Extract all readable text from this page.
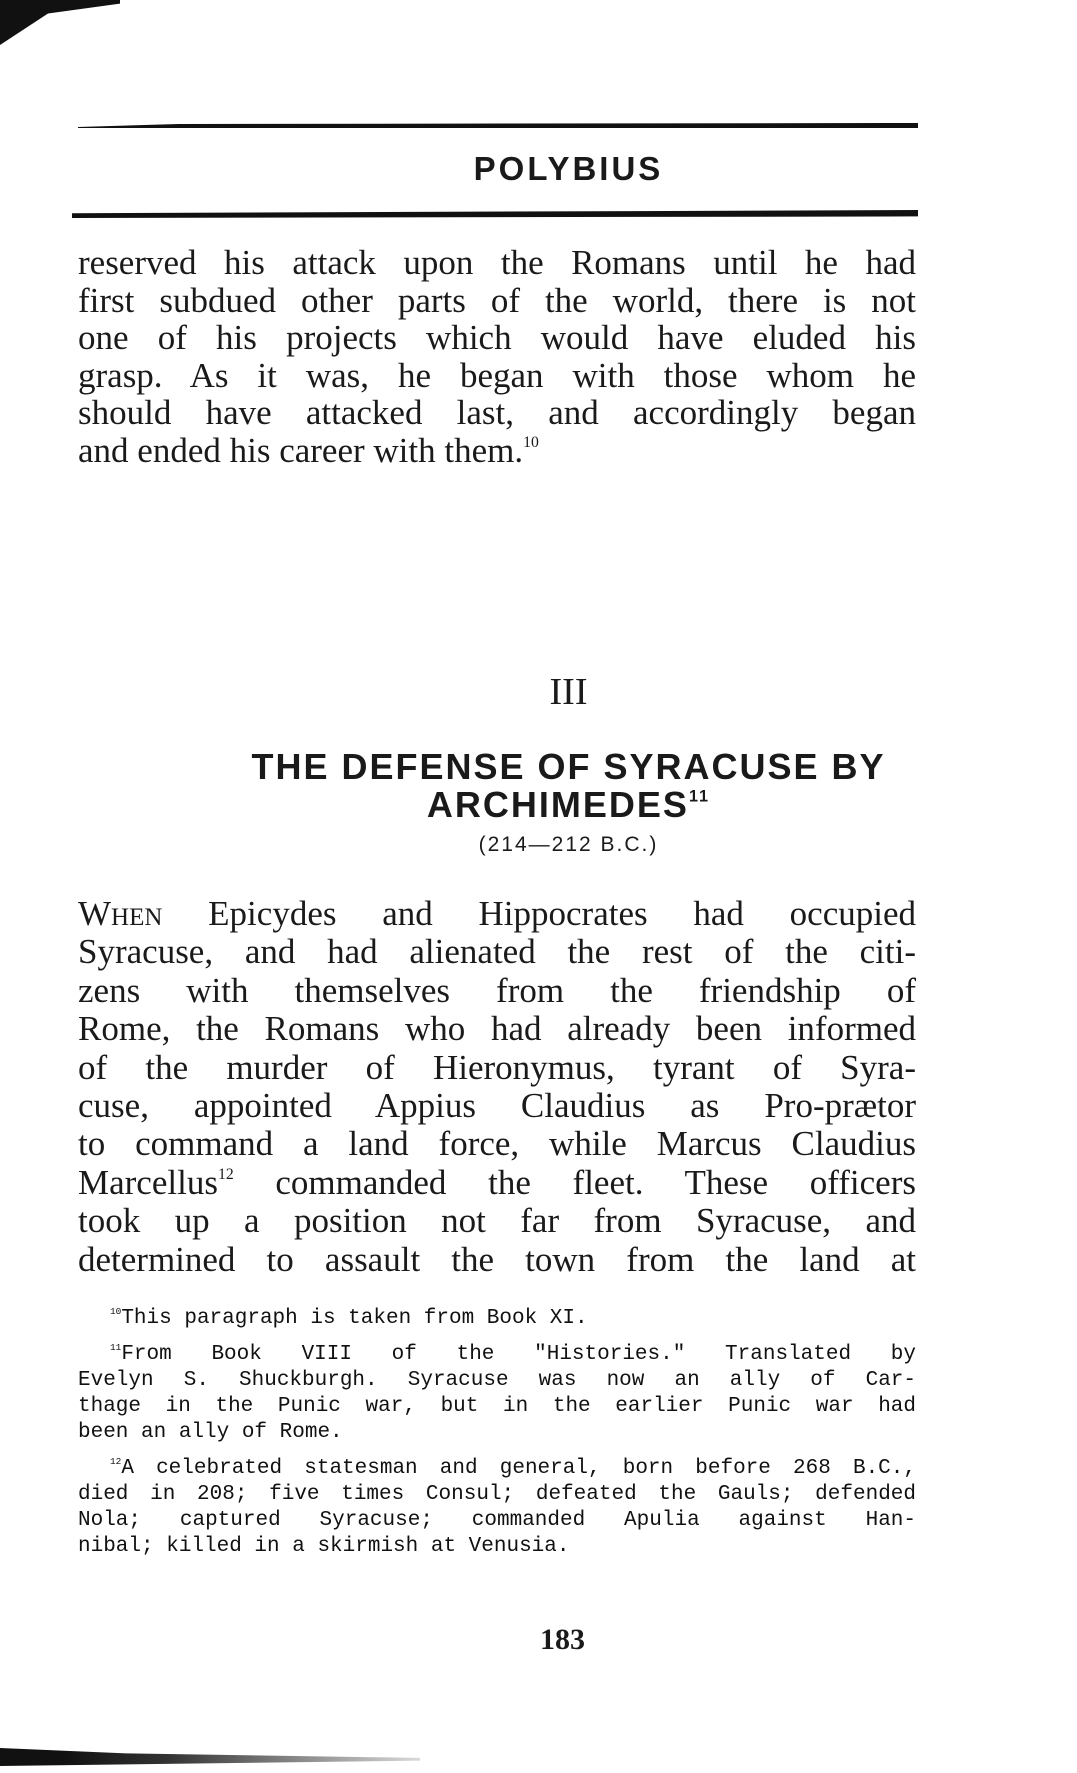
POLYBIUS
reserved his attack upon the Romans until he had
first subdued other parts of the world, there is not
one of his projects which would have eluded his
grasp. As it was, he began with those whom he
should have attacked last, and accordingly began
and ended his career with them.$^{10}$
III
THE DEFENSE OF SYRACUSE BY
ARCHIMEDES$^{11}$
(214—212 B.C.)
When Epicydes and Hippocrates had occupied
Syracuse, and had alienated the rest of the citi-
zens with themselves from the friendship of
Rome, the Romans who had already been informed
of the murder of Hieronymus, tyrant of Syra-
cuse, appointed Appius Claudius as Pro-prætor
to command a land force, while Marcus Claudius
Marcellus$^{12}$ commanded the fleet. These officers
took up a position not far from Syracuse, and
determined to assault the town from the land at
$^{10}$This paragraph is taken from Book XI.
$^{11}$From Book VIII of the "Histories." Translated by
Evelyn S. Shuckburgh. Syracuse was now an ally of Car-
thage in the Punic war, but in the earlier Punic war had
been an ally of Rome.
$^{12}$A celebrated statesman and general, born before 268 B.C.,
died in 208; five times Consul; defeated the Gauls; defended
Nola; captured Syracuse; commanded Apulia against Han-
nibal; killed in a skirmish at Venusia.
183
